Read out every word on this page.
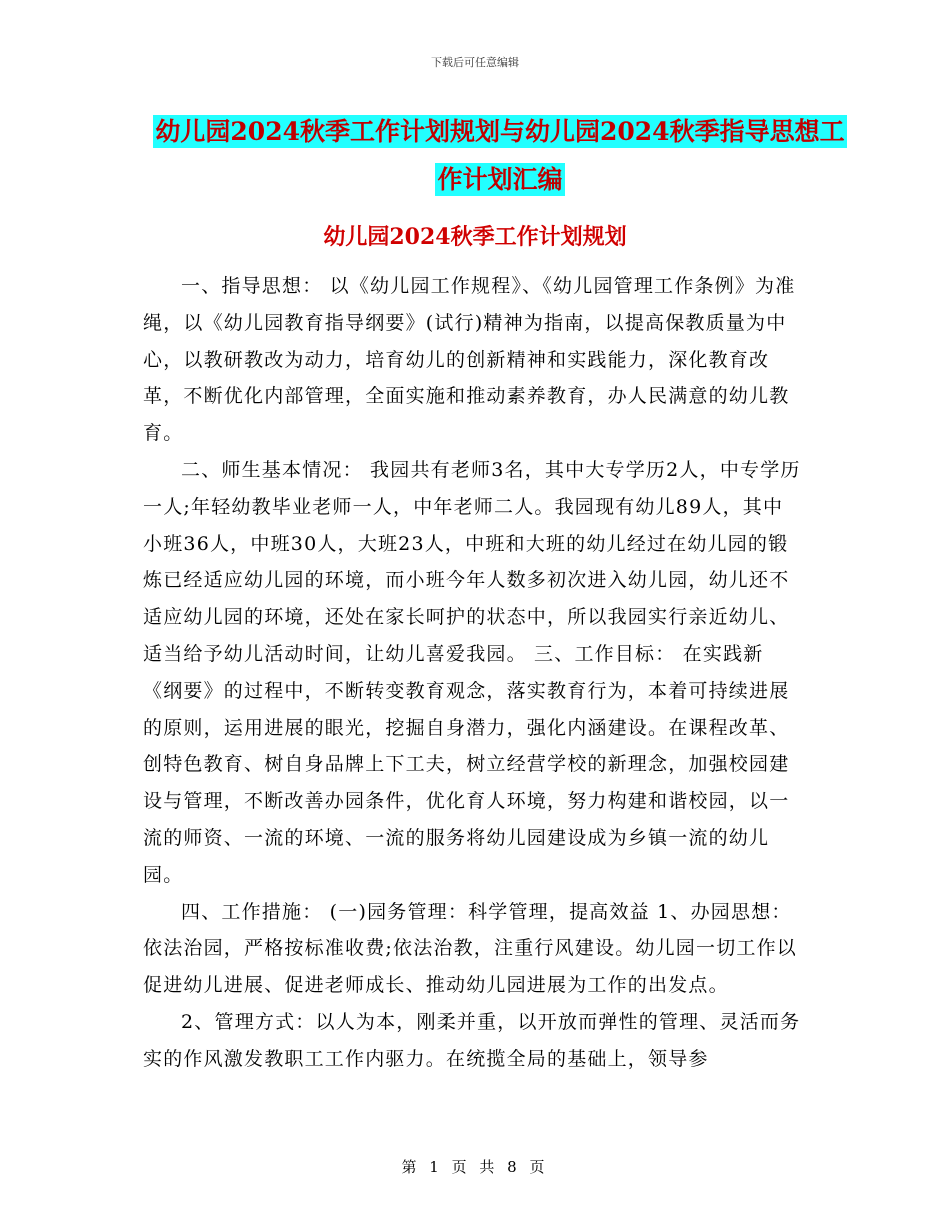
下载后可任意编辑
幼儿园2024秋季工作计划规划与幼儿园2024秋季指导思想工作计划汇编
幼儿园2024秋季工作计划规划

一、指导思想： 以《幼儿园工作规程》、《幼儿园管理工作条例》为准绳，以《幼儿园教育指导纲要》(试行)精神为指南，以提高保教质量为中心，以教研教改为动力，培育幼儿的创新精神和实践能力，深化教育改革，不断优化内部管理，全面实施和推动素养教育，办人民满意的幼儿教育。

二、师生基本情况： 我园共有老师3名，其中大专学历2人，中专学历一人;年轻幼教毕业老师一人，中年老师二人。我园现有幼儿89人，其中小班36人，中班30人，大班23人，中班和大班的幼儿经过在幼儿园的锻炼已经适应幼儿园的环境，而小班今年人数多初次进入幼儿园，幼儿还不适应幼儿园的环境，还处在家长呵护的状态中，所以我园实行亲近幼儿、适当给予幼儿活动时间，让幼儿喜爱我园。 三、工作目标： 在实践新《纲要》的过程中，不断转变教育观念，落实教育行为，本着可持续进展的原则，运用进展的眼光，挖掘自身潜力，强化内涵建设。在课程改革、创特色教育、树自身品牌上下工夫，树立经营学校的新理念，加强校园建设与管理，不断改善办园条件，优化育人环境，努力构建和谐校园，以一流的师资、一流的环境、一流的服务将幼儿园建设成为乡镇一流的幼儿园。

四、工作措施： (一)园务管理：科学管理，提高效益 1、办园思想：依法治园，严格按标准收费;依法治教，注重行风建设。幼儿园一切工作以促进幼儿进展、促进老师成长、推动幼儿园进展为工作的出发点。

2、管理方式：以人为本，刚柔并重，以开放而弹性的管理、灵活而务实的作风激发教职工工作内驱力。在统揽全局的基础上，领导参

第 1 页 共 8 页
